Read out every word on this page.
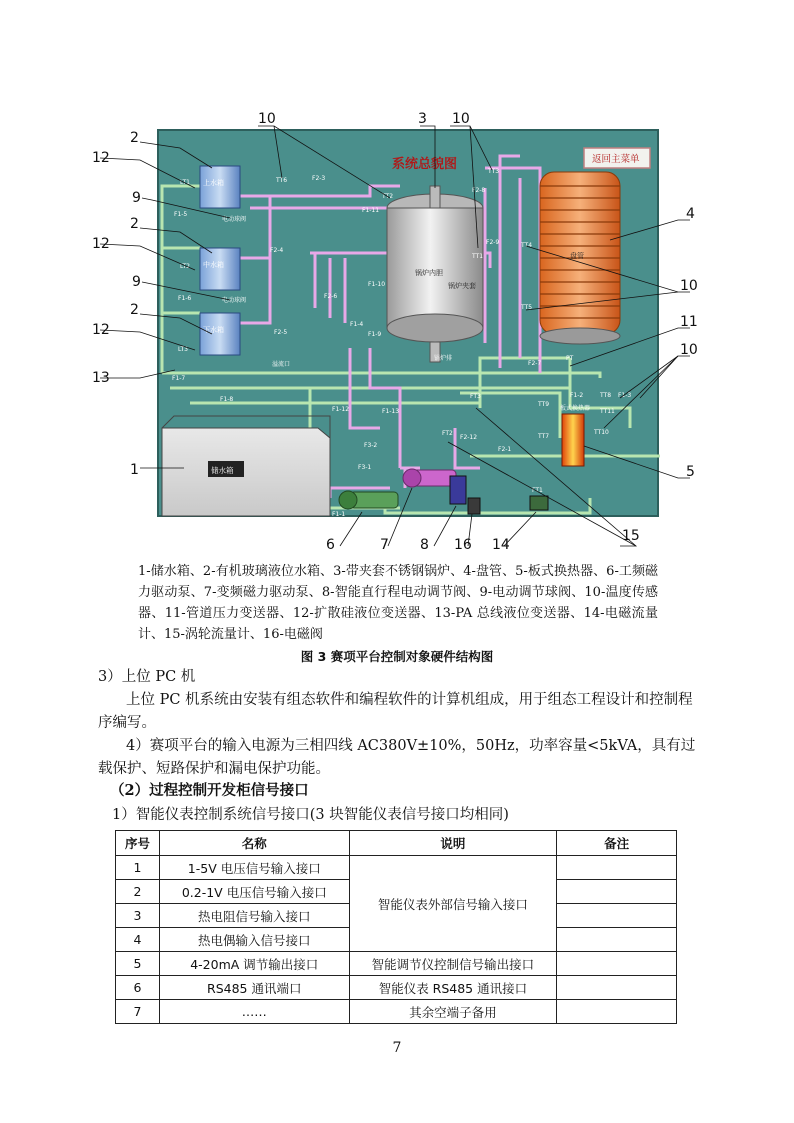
系统总貌图	返回主菜单
上水箱
中水箱
下水箱
电动球阀
电动球阀
溢流口
锅炉内胆
锅炉夹套
锅炉排
盘管
板式换热器
储水箱
LT1
LT2
LT3
TT6	F2-3
F1-11
TT2
F1-5
F1-6
F1-7
F2-4
F2-5
F2-6
F1-10
F1-4
F1-9
TT1
F2-8
F2-9
TT3
TT4
TT5
F2-7
PT
TT9
F1-2	TT8 F1-3
TT7
TT10
F1-8
F1-12	F1-13
F3-1
F3-2
FT2
FT3
F2-12
F2-1
F1-1
FT1
TT11
2
12
9
2
12
9
2
12
13
1
10	3 10
4
10
11
10
5
6	7 8 16 14
15
1-储水箱、2-有机玻璃液位水箱、3-带夹套不锈钢锅炉、4-盘管、5-板式换热器、6-工频磁力驱动泵、7-变频磁力驱动泵、8-智能直行程电动调节阀、9-电动调节球阀、10-温度传感器、11-管道压力变送器、12-扩散硅液位变送器、13-PA 总线液位变送器、14-电磁流量计、15-涡轮流量计、16-电磁阀
图 3 赛项平台控制对象硬件结构图
3）上位 PC 机
上位 PC 机系统由安装有组态软件和编程软件的计算机组成，用于组态工程设计和控制程序编写。
4）赛项平台的输入电源为三相四线 AC380V±10%，50Hz，功率容量<5kVA，具有过载保护、短路保护和漏电保护功能。
（2）过程控制开发柜信号接口
1）智能仪表控制系统信号接口(3 块智能仪表信号接口均相同)
序号	名称	说明	备注
1	1-5V 电压信号输入接口	智能仪表外部信号输入接口	
2	0.2-1V 电压信号输入接口		
3	热电阻信号输入接口		
4	热电偶输入信号接口		
5	4-20mA 调节输出接口	智能调节仪控制信号输出接口	
6	RS485 通讯端口	智能仪表 RS485 通讯接口	
7	……	其余空端子备用	
7
